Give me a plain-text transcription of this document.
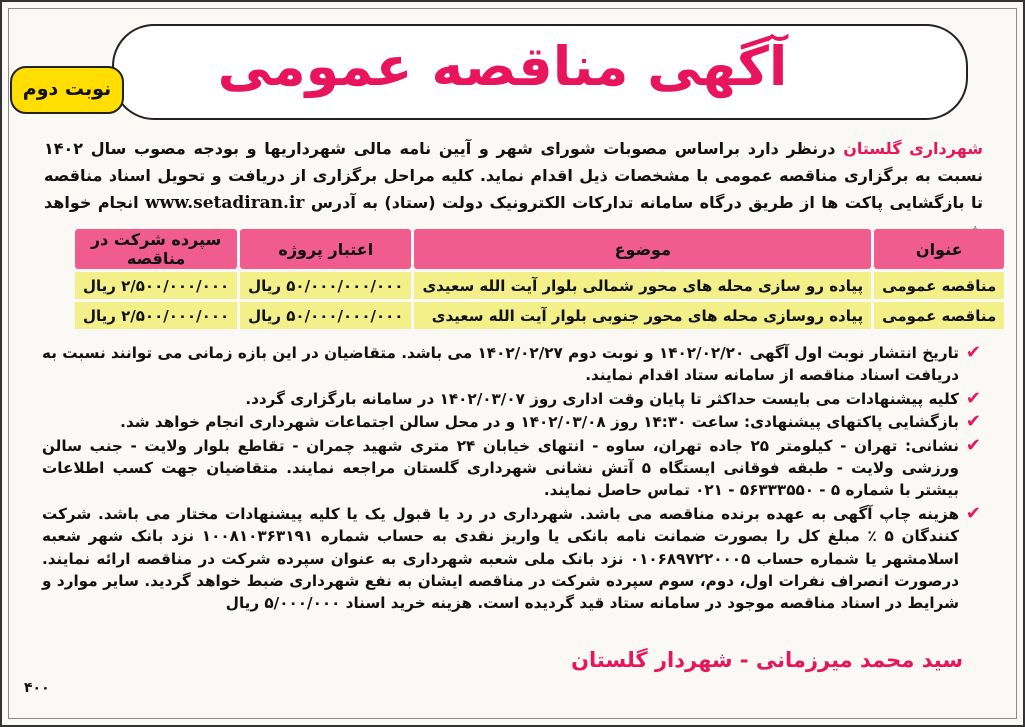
آگهی مناقصه عمومی
نوبت دوم
شهرداری گلستان درنظر دارد براساس مصوبات شورای شهر و آیین نامه مالی شهرداریها و بودجه مصوب سال ۱۴۰۲ نسبت به برگزاری مناقصه عمومی با مشخصات ذیل اقدام نماید. کلیه مراحل برگزاری از دریافت و تحویل اسناد مناقصه تا بازگشایی پاکت ها از طریق درگاه سامانه تدارکات الکترونیک دولت (ستاد) به آدرس www.setadiran.ir انجام خواهد
عنوان	موضوع	اعتبار پروژه	سپرده شرکت در مناقصه
مناقصه عمومی	پیاده رو سازی محله های محور شمالی بلوار آیت الله سعیدی	۵۰/۰۰۰/۰۰۰/۰۰۰ ریال	۲/۵۰۰/۰۰۰/۰۰۰ ریال
مناقصه عمومی	پیاده روسازی محله های محور جنوبی بلوار آیت الله سعیدی	۵۰/۰۰۰/۰۰۰/۰۰۰ ریال	۲/۵۰۰/۰۰۰/۰۰۰ ریال
✔
تاریخ انتشار نوبت اول آگهی ۱۴۰۲/۰۲/۲۰ و نوبت دوم ۱۴۰۲/۰۲/۲۷ می باشد. متقاضیان در این بازه زمانی می توانند نسبت به دریافت اسناد مناقصه از سامانه ستاد اقدام نمایند.
✔
کلیه پیشنهادات می بایست حداکثر تا پایان وقت اداری روز ۱۴۰۲/۰۳/۰۷ در سامانه بارگزاری گردد.
✔
بازگشایی پاکتهای پیشنهادی: ساعت ۱۴:۳۰ روز ۱۴۰۲/۰۳/۰۸ و در محل سالن اجتماعات شهرداری انجام خواهد شد.
✔
نشانی: تهران - کیلومتر ۲۵ جاده تهران، ساوه - انتهای خیابان ۲۴ متری شهید چمران - تقاطع بلوار ولایت - جنب سالن ورزشی ولایت - طبقه فوقانی ایستگاه ۵ آتش نشانی شهرداری گلستان مراجعه نمایند. متقاضیان جهت کسب اطلاعات بیشتر با شماره ۵ - ۵۶۳۳۳۵۵۰ - ۰۲۱ تماس حاصل نمایند.
✔
هزینه چاپ آگهی به عهده برنده مناقصه می باشد. شهرداری در رد یا قبول یک یا کلیه پیشنهادات مختار می باشد. شرکت کنندگان ۵ ٪ مبلغ کل را بصورت ضمانت نامه بانکی یا واریز نقدی به حساب شماره ۱۰۰۸۱۰۳۶۳۱۹۱ نزد بانک شهر شعبه اسلامشهر یا شماره حساب ۰۱۰۶۸۹۷۲۲۰۰۰۵ نزد بانک ملی شعبه شهرداری به عنوان سپرده شرکت در مناقصه ارائه نمایند. درصورت انصراف نفرات اول، دوم، سوم سپرده شرکت در مناقصه ایشان به نفع شهرداری ضبط خواهد گردید. سایر موارد و شرایط در اسناد مناقصه موجود در سامانه ستاد قید گردیده است. هزینه خرید اسناد ۵/۰۰۰/۰۰۰ ریال
سید محمد میرزمانی - شهردار گلستان
۴۰۰
